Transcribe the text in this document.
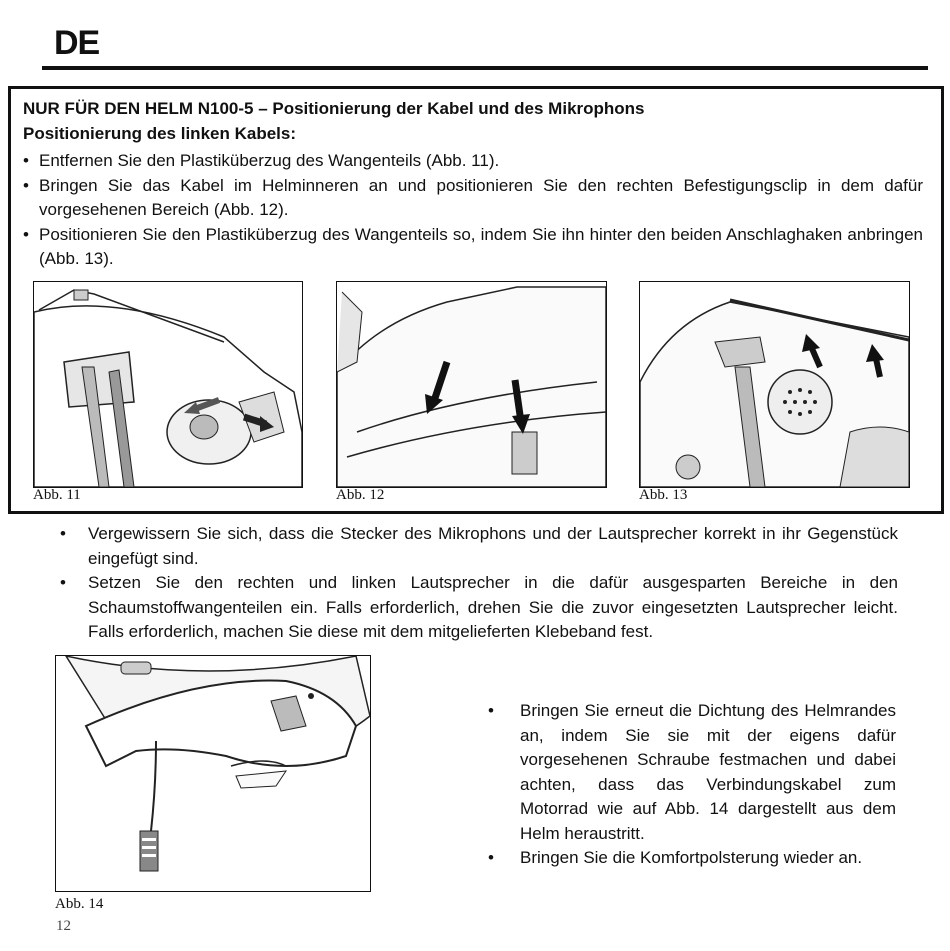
DE
NUR FÜR DEN HELM N100-5 – Positionierung der Kabel und des Mikrophons
Positionierung des linken Kabels:
• Entfernen Sie den Plastiküberzug des Wangenteils (Abb. 11).
• Bringen Sie das Kabel im Helminneren an und positionieren Sie den rechten Befestigungsclip in dem dafür vorgesehenen Bereich (Abb. 12).
• Positionieren Sie den Plastiküberzug des Wangenteils so, indem Sie ihn hinter den beiden Anschlaghaken anbringen (Abb. 13).
Abb. 11	Abb. 12	Abb. 13
• Vergewissern Sie sich, dass die Stecker des Mikrophons und der Lautsprecher korrekt in ihr Gegenstück eingefügt sind.
• Setzen Sie den rechten und linken Lautsprecher in die dafür ausgesparten Bereiche in den Schaumstoffwangenteilen ein. Falls erforderlich, drehen Sie die zuvor eingesetzten Lautsprecher leicht. Falls erforderlich, machen Sie diese mit dem mitgelieferten Klebeband fest.
Abb. 14
• Bringen Sie erneut die Dichtung des Helmrandes an, indem Sie sie mit der eigens dafür vorgesehenen Schraube festmachen und dabei achten, dass das Verbindungskabel zum Motorrad wie auf Abb. 14 dargestellt aus dem Helm heraustritt.
• Bringen Sie die Komfortpolsterung wieder an.
12
